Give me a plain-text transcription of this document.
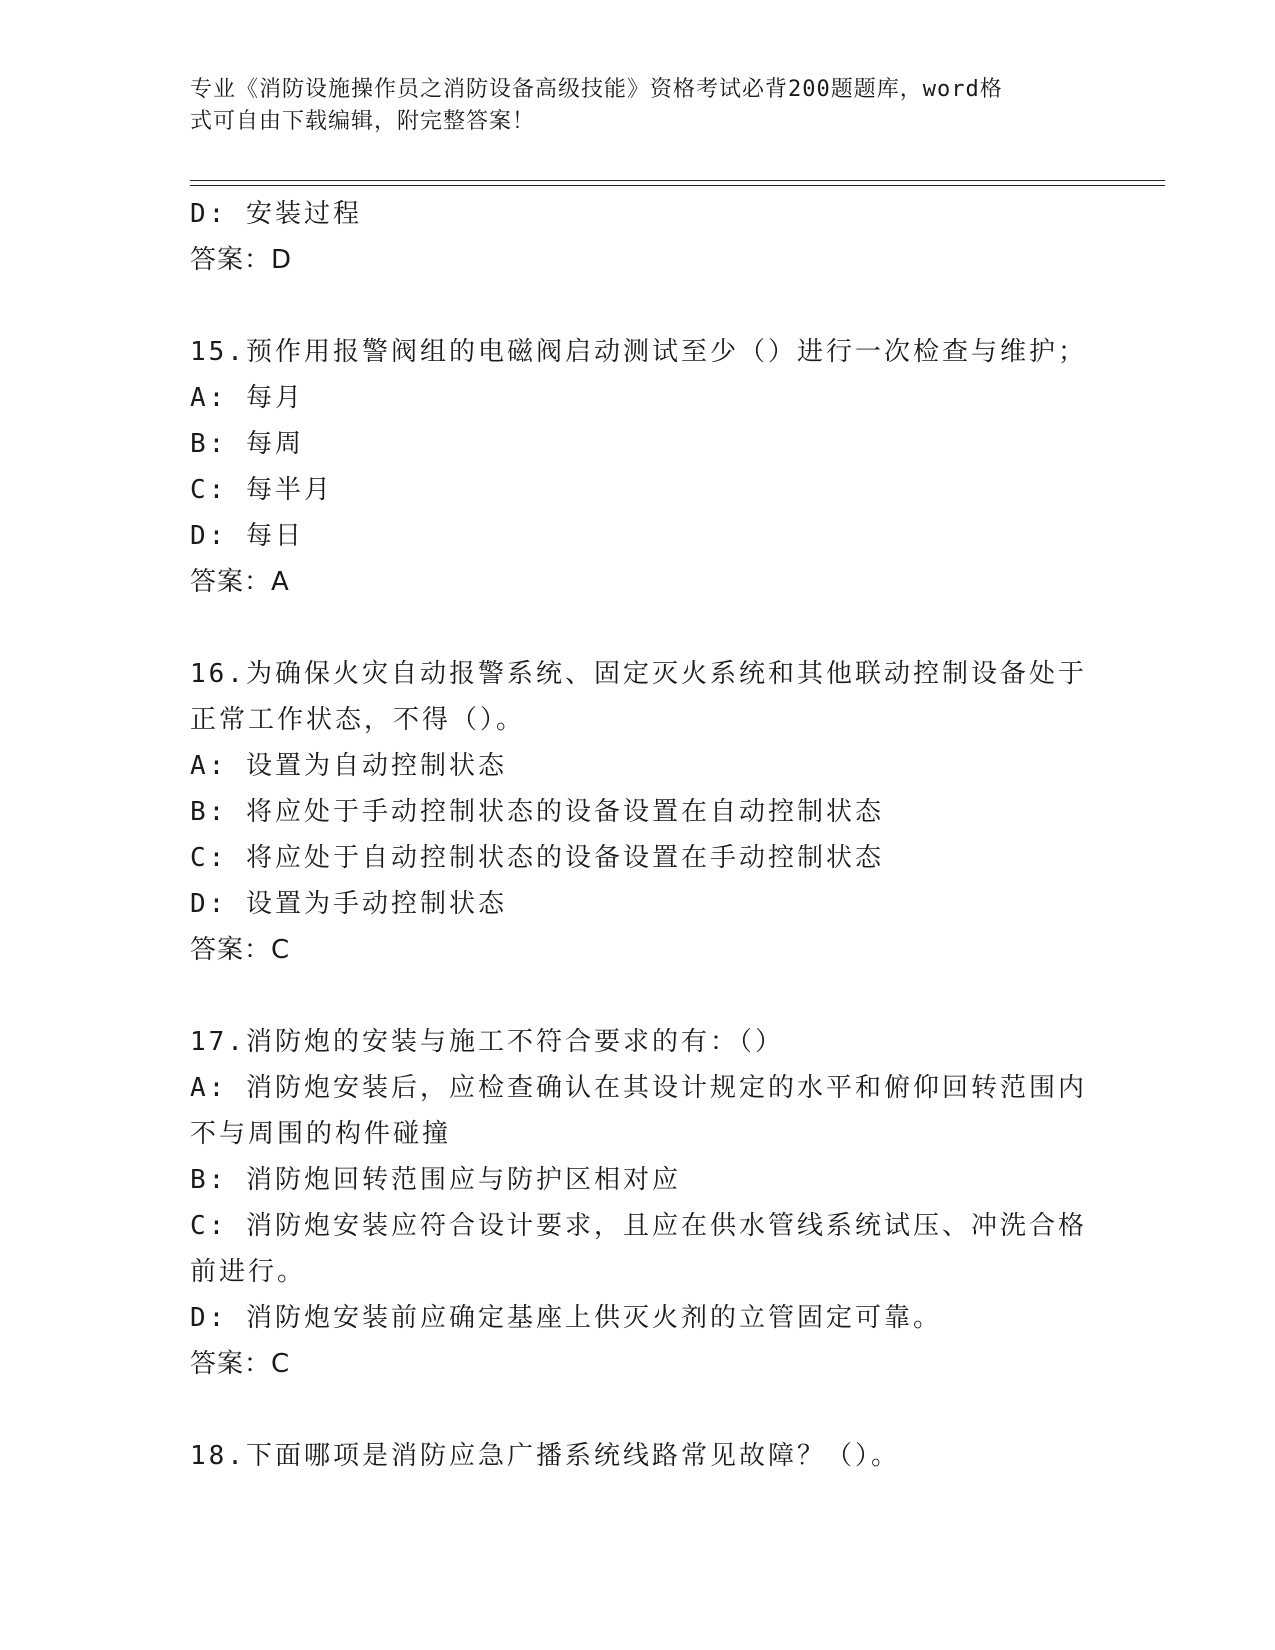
专业《消防设施操作员之消防设备高级技能》资格考试必背200题题库，word格
式可自由下载编辑，附完整答案！
D: 安装过程
答案：D
15.预作用报警阀组的电磁阀启动测试至少（）进行一次检查与维护；
A: 每月
B: 每周
C: 每半月
D: 每日
答案：A
16.为确保火灾自动报警系统、固定灭火系统和其他联动控制设备处于
正常工作状态，不得（）。
A: 设置为自动控制状态
B: 将应处于手动控制状态的设备设置在自动控制状态
C: 将应处于自动控制状态的设备设置在手动控制状态
D: 设置为手动控制状态
答案：C
17.消防炮的安装与施工不符合要求的有：（）
A: 消防炮安装后，应检查确认在其设计规定的水平和俯仰回转范围内
不与周围的构件碰撞
B: 消防炮回转范围应与防护区相对应
C: 消防炮安装应符合设计要求，且应在供水管线系统试压、冲洗合格
前进行。
D: 消防炮安装前应确定基座上供灭火剂的立管固定可靠。
答案：C
18.下面哪项是消防应急广播系统线路常见故障？（）。
